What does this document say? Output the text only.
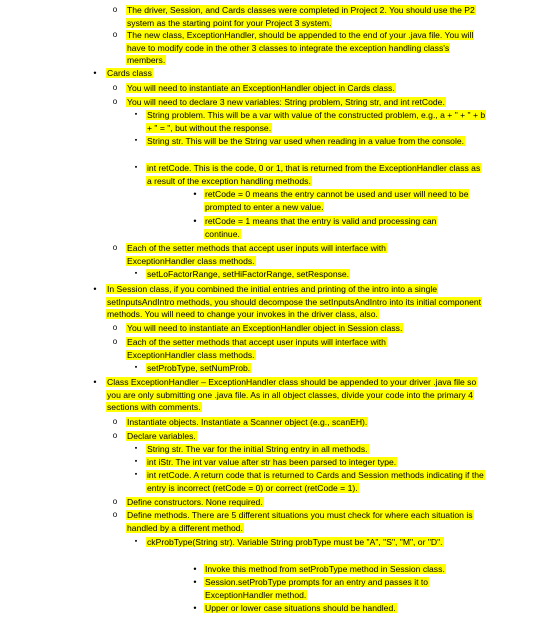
o	The driver, Session, and Cards classes were completed in Project 2. You should use the P2 system as the starting point for your Project 3 system.
o	The new class, ExceptionHandler, should be appended to the end of your .java file. You will have to modify code in the other 3 classes to integrate the exception handling class's members.
•	Cards class
o	You will need to instantiate an ExceptionHandler object in Cards class.
o	You will need to declare 3 new variables: String problem, String str, and int retCode.
▪	String problem. This will be a var with value of the constructed problem, e.g., a + " + " + b + " = ", but without the response.
▪	String str. This will be the String var used when reading in a value from the console.
▪	int retCode. This is the code, 0 or 1, that is returned from the ExceptionHandler class as a result of the exception handling methods.
• retCode = 0 means the entry cannot be used and user will need to be prompted to enter a new value.
• retCode = 1 means that the entry is valid and processing can continue.
o	Each of the setter methods that accept user inputs will interface with ExceptionHandler class methods.
▪	setLoFactorRange, setHiFactorRange, setResponse.
•	In Session class, if you combined the initial entries and printing of the intro into a single setInputsAndIntro methods, you should decompose the setInputsAndIntro into its initial component methods. You will need to change your invokes in the driver class, also.
o	You will need to instantiate an ExceptionHandler object in Session class.
o	Each of the setter methods that accept user inputs will interface with ExceptionHandler class methods.
▪	setProbType, setNumProb.
•	Class ExceptionHandler – ExceptionHandler class should be appended to your driver .java file so you are only submitting one .java file. As in all object classes, divide your code into the primary 4 sections with comments.
o	Instantiate objects. Instantiate a Scanner object (e.g., scanEH).
o	Declare variables.
▪	String str. The var for the initial String entry in all methods.
▪	int iStr. The int var value after str has been parsed to integer type.
▪	int retCode. A return code that is returned to Cards and Session methods indicating if the entry is incorrect (retCode = 0) or correct (retCode = 1).
o	Define constructors. None required.
o	Define methods. There are 5 different situations you must check for where each situation is handled by a different method.
▪	ckProbType(String str). Variable String probType must be "A", "S", "M", or "D".
• Invoke this method from setProbType method in Session class.
• Session.setProbType prompts for an entry and passes it to ExceptionHandler method.
• Upper or lower case situations should be handled.
